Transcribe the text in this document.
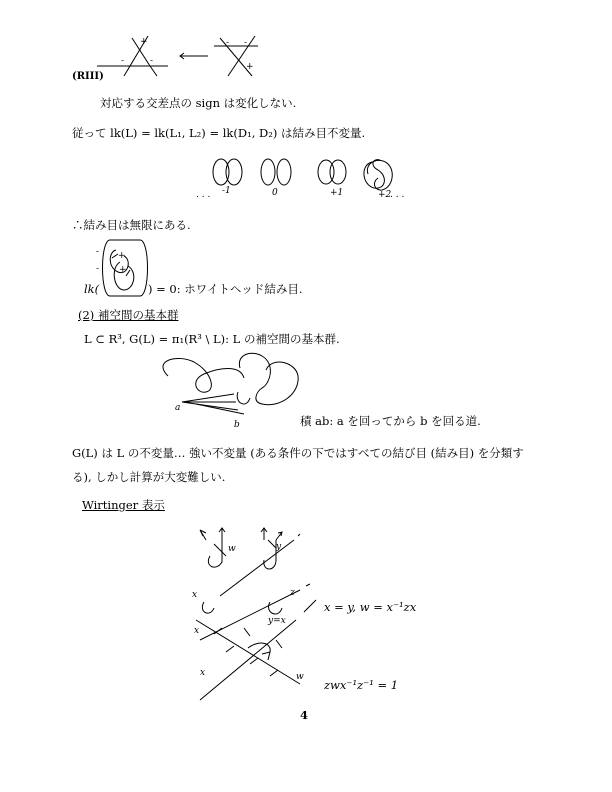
+
-	-
- -
+
(RIII)
対応する交差点の sign は変化しない.
従って lk(L) = lk(L₁, L₂) = lk(D₁, D₂) は結み目不変量.
. . . -1	0	+1	+2
. . .
∴結み目は無限にある.
- +
- +
lk(	) = 0: ホワイトヘッド結み目.
(2) 補空間の基本群
L ⊂ R³, G(L) = π₁(R³ \ L): L の補空間の基本群.
a
b	積 ab: a を回ってから b を回る道.
G(L) は L の不変量… 強い不変量 (ある条件の下ではすべての結び目 (結み目) を分類す
る), しかし計算が大変難しい.
Wirtinger 表示
w	y
x	z
x
y=x
x	w
x = y, w = x⁻¹zx
zwx⁻¹z⁻¹ = 1
4
